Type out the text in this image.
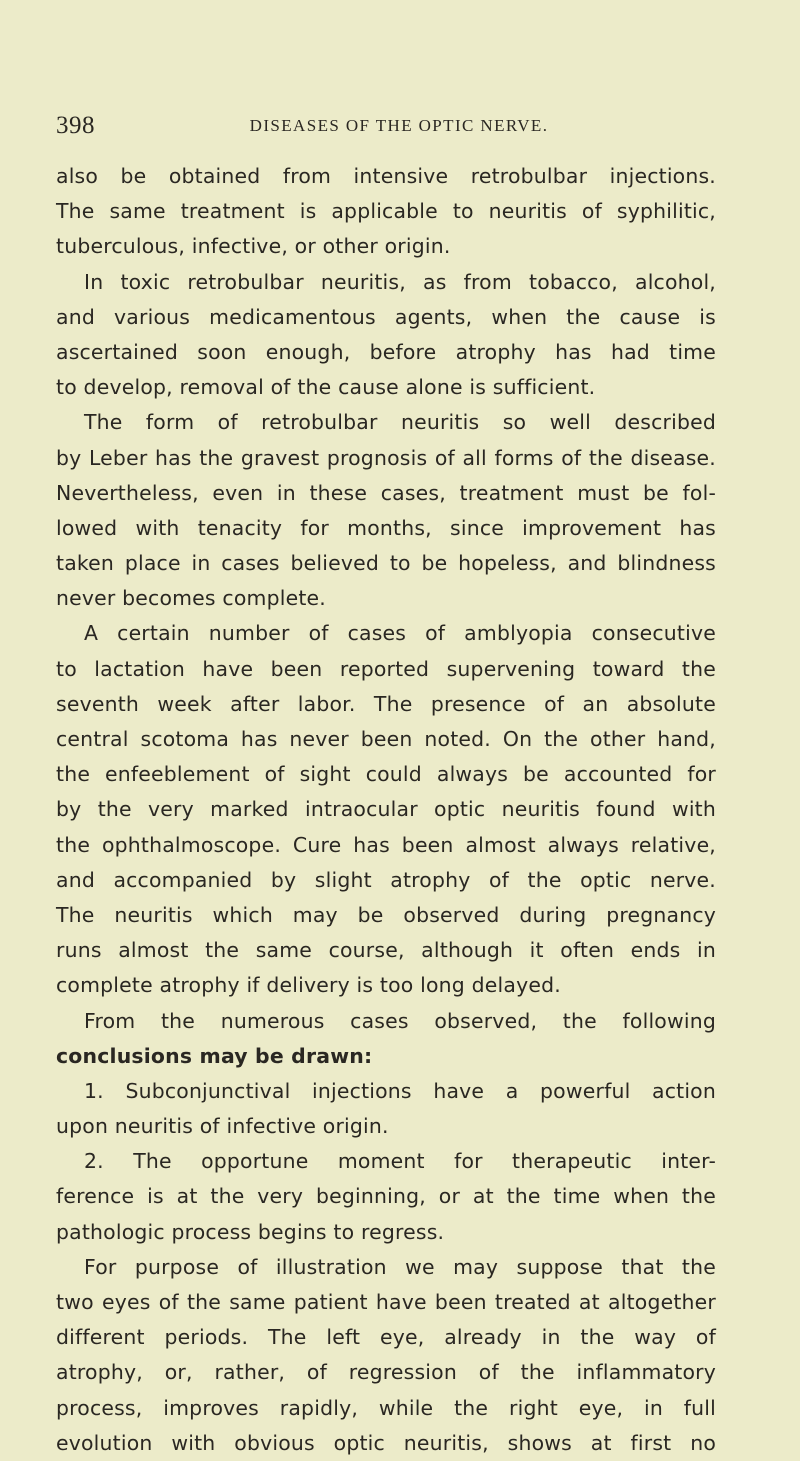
398	DISEASES OF THE OPTIC NERVE.
also be obtained from intensive retrobulbar injections.
The same treatment is applicable to neuritis of syphilitic,
tuberculous, infective, or other origin.
In toxic retrobulbar neuritis, as from tobacco, alcohol,
and various medicamentous agents, when the cause is
ascertained soon enough, before atrophy has had time
to develop, removal of the cause alone is sufficient.
The form of retrobulbar neuritis so well described
by Leber has the gravest prognosis of all forms of the disease.
Nevertheless, even in these cases, treatment must be fol-
lowed with tenacity for months, since improvement has
taken place in cases believed to be hopeless, and blindness
never becomes complete.
A certain number of cases of amblyopia consecutive
to lactation have been reported supervening toward the
seventh week after labor. The presence of an absolute
central scotoma has never been noted. On the other hand,
the enfeeblement of sight could always be accounted for
by the very marked intraocular optic neuritis found with
the ophthalmoscope. Cure has been almost always relative,
and accompanied by slight atrophy of the optic nerve.
The neuritis which may be observed during pregnancy
runs almost the same course, although it often ends in
complete atrophy if delivery is too long delayed.
From the numerous cases observed, the following
conclusions may be drawn:
1. Subconjunctival injections have a powerful action
upon neuritis of infective origin.
2. The opportune moment for therapeutic inter-
ference is at the very beginning, or at the time when the
pathologic process begins to regress.
For purpose of illustration we may suppose that the
two eyes of the same patient have been treated at altogether
different periods. The left eye, already in the way of
atrophy, or, rather, of regression of the inflammatory
process, improves rapidly, while the right eye, in full
evolution with obvious optic neuritis, shows at first no
